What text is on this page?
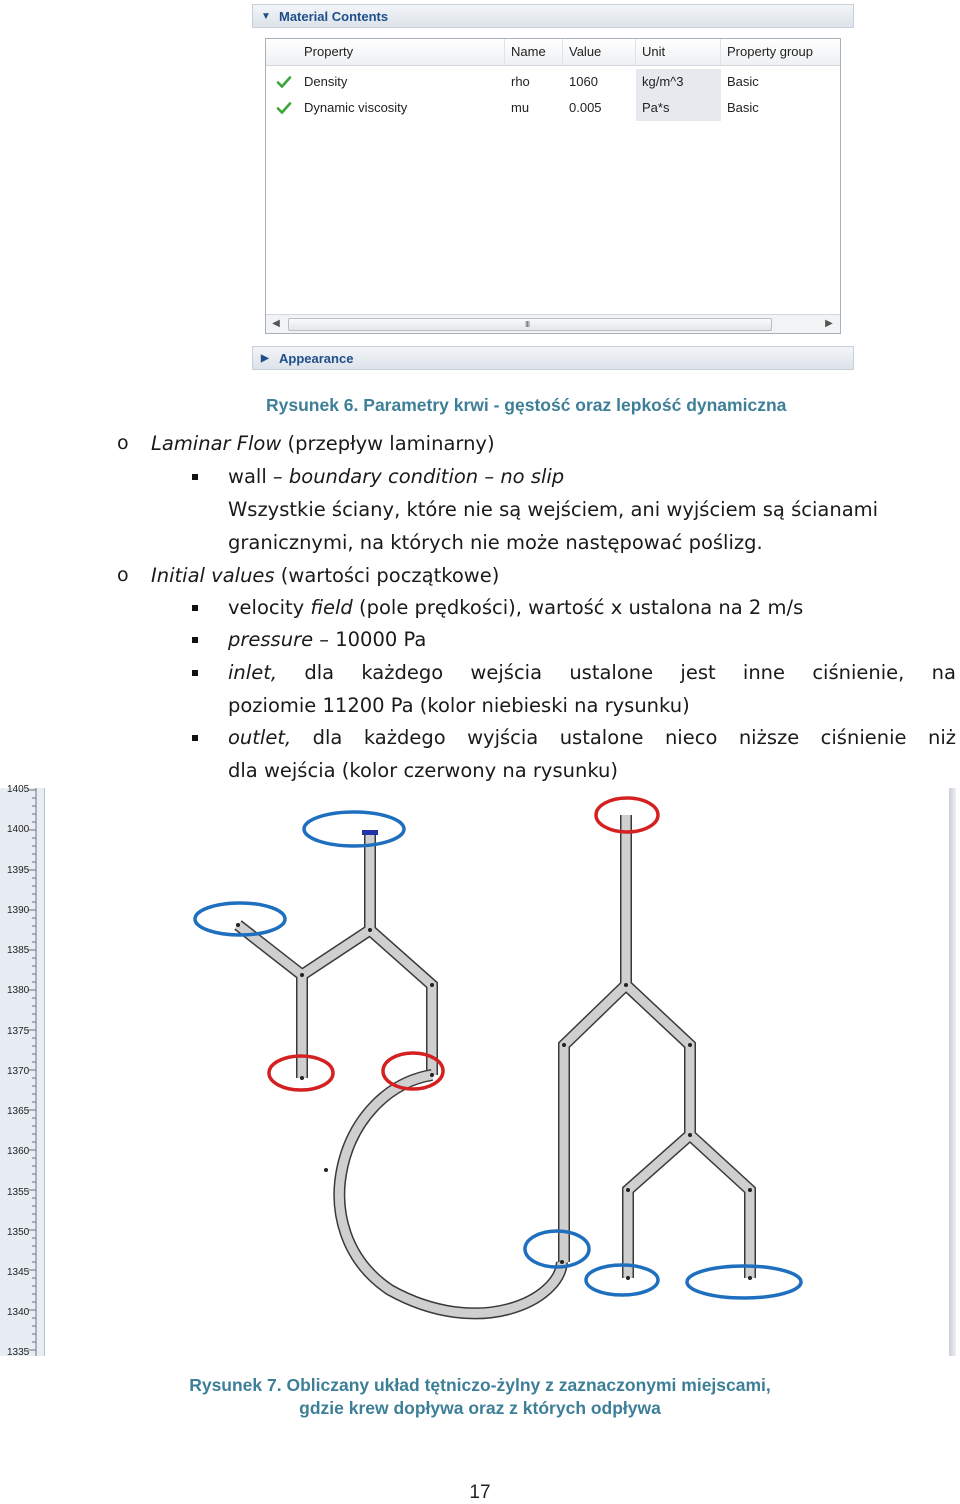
▼ Material Contents
Property	Name	Value	Unit	Property group
Density	rho	1060	kg/m^3	Basic
Dynamic viscosity	mu	0.005	Pa*s	Basic
◀	III	▶
▶ Appearance
Rysunek 6. Parametry krwi - gęstość oraz lepkość dynamiczna
o Laminar Flow (przepływ laminarny)
wall – boundary condition – no slip
Wszystkie ściany, które nie są wejściem, ani wyjściem są ścianami
granicznymi, na których nie może następować poślizg.
o Initial values (wartości początkowe)
velocity field (pole prędkości), wartość x ustalona na 2 m/s
pressure – 10000 Pa
inlet, dla każdego wejścia ustalone jest inne ciśnienie, na
poziomie 11200 Pa (kolor niebieski na rysunku)
outlet, dla każdego wyjścia ustalone nieco niższe ciśnienie niż
dla wejścia (kolor czerwony na rysunku)
1405
1400
1395
1390
1385
1380
1375
1370
1365
1360
1355
1350
1345
1340
1335
Rysunek 7. Obliczany układ tętniczo-żylny z zaznaczonymi miejscami,
gdzie krew dopływa oraz z których odpływa
17
